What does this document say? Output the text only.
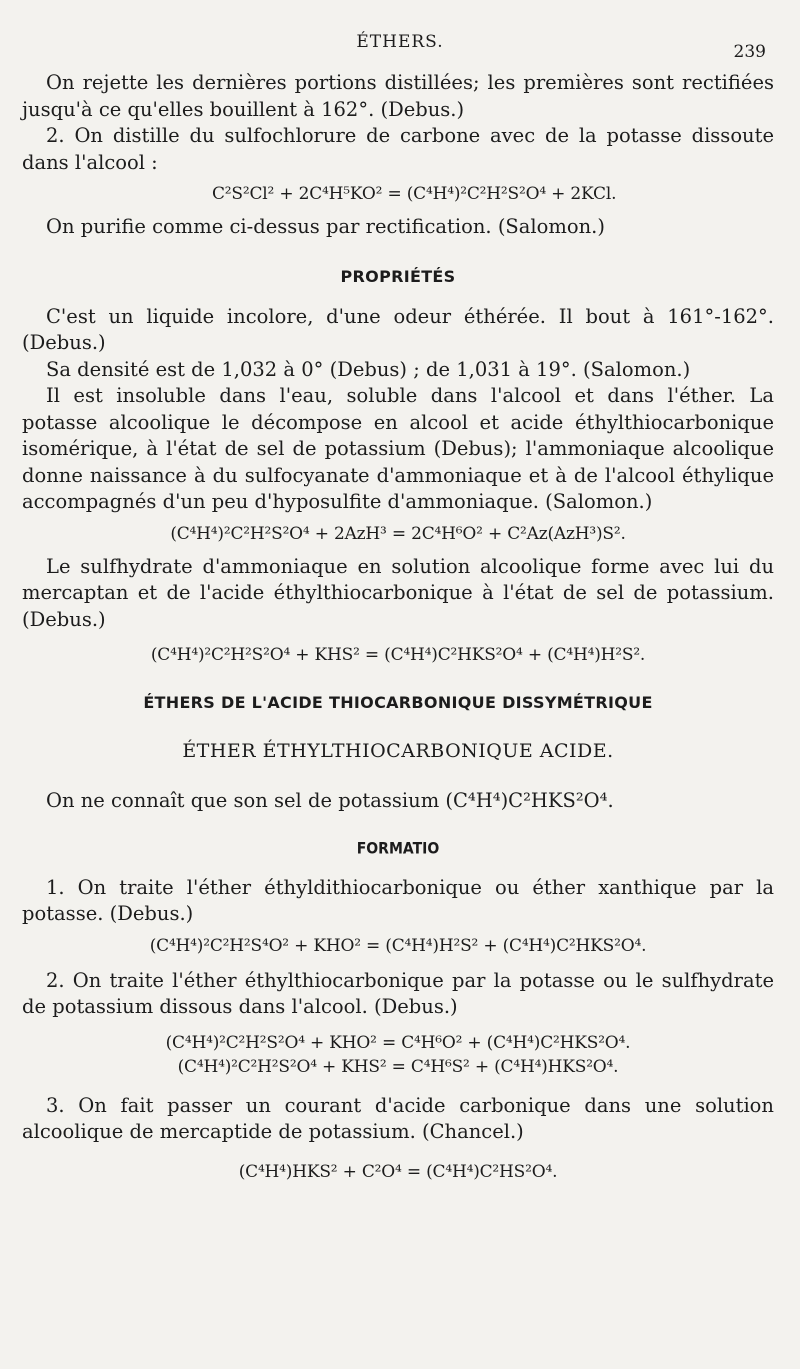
ÉTHERS.	239

On rejette les dernières portions distillées; les premières sont rectifiées jusqu'à ce qu'elles bouillent à 162°. (Debus.)

2. On distille du sulfochlorure de carbone avec de la potasse dissoute dans l'alcool :

C²S²Cl² + 2C⁴H⁵KO² = (C⁴H⁴)²C²H²S²O⁴ + 2KCl.

On purifie comme ci-dessus par rectification. (Salomon.)

PROPRIÉTÉS

C'est un liquide incolore, d'une odeur éthérée. Il bout à 161°-162°. (Debus.)

Sa densité est de 1,032 à 0° (Debus) ; de 1,031 à 19°. (Salomon.)

Il est insoluble dans l'eau, soluble dans l'alcool et dans l'éther. La potasse alcoolique le décompose en alcool et acide éthylthiocarbonique isomérique, à l'état de sel de potassium (Debus); l'ammoniaque alcoolique donne naissance à du sulfocyanate d'ammoniaque et à de l'alcool éthylique accompagnés d'un peu d'hyposulfite d'ammoniaque. (Salomon.)

(C⁴H⁴)²C²H²S²O⁴ + 2AzH³ = 2C⁴H⁶O² + C²Az(AzH³)S².

Le sulfhydrate d'ammoniaque en solution alcoolique forme avec lui du mercaptan et de l'acide éthylthiocarbonique à l'état de sel de potassium. (Debus.)

(C⁴H⁴)²C²H²S²O⁴ + KHS² = (C⁴H⁴)C²HKS²O⁴ + (C⁴H⁴)H²S².
ÉTHERS DE L'ACIDE THIOCARBONIQUE DISSYMÉTRIQUE
ÉTHER ÉTHYLTHIOCARBONIQUE ACIDE.

On ne connaît que son sel de potassium (C⁴H⁴)C²HKS²O⁴.

FORMATIO

1. On traite l'éther éthyldithiocarbonique ou éther xanthique par la potasse. (Debus.)

(C⁴H⁴)²C²H²S⁴O² + KHO² = (C⁴H⁴)H²S² + (C⁴H⁴)C²HKS²O⁴.

2. On traite l'éther éthylthiocarbonique par la potasse ou le sulfhydrate de potassium dissous dans l'alcool. (Debus.)

(C⁴H⁴)²C²H²S²O⁴ + KHO² = C⁴H⁶O² + (C⁴H⁴)C²HKS²O⁴.
(C⁴H⁴)²C²H²S²O⁴ + KHS² = C⁴H⁶S² + (C⁴H⁴)HKS²O⁴.

3. On fait passer un courant d'acide carbonique dans une solution alcoolique de mercaptide de potassium. (Chancel.)

(C⁴H⁴)HKS² + C²O⁴ = (C⁴H⁴)C²HS²O⁴.
